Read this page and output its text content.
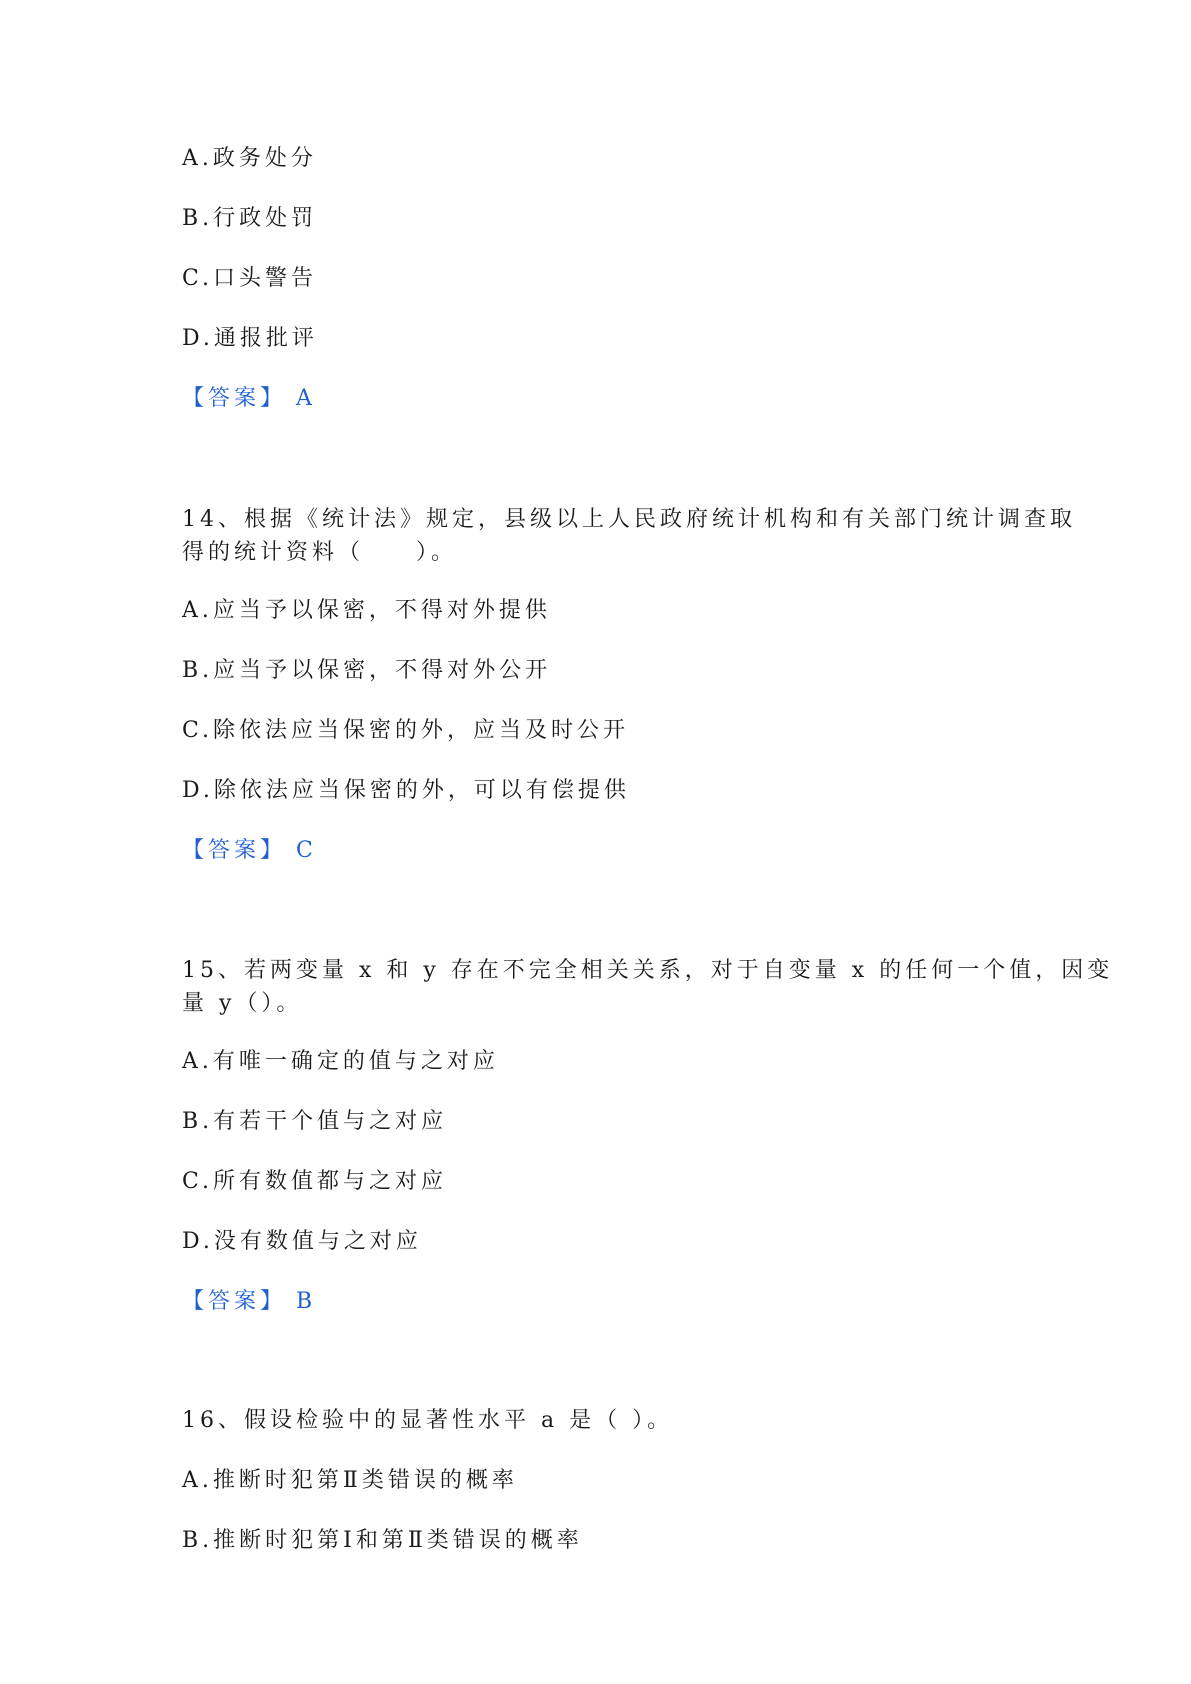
A.政务处分
B.行政处罚
C.口头警告
D.通报批评
【答案】 A
14、根据《统计法》规定，县级以上人民政府统计机构和有关部门统计调查取
得的统计资料（　　）。
A.应当予以保密，不得对外提供
B.应当予以保密，不得对外公开
C.除依法应当保密的外，应当及时公开
D.除依法应当保密的外，可以有偿提供
【答案】 C
15、若两变量 x 和 y 存在不完全相关关系，对于自变量 x 的任何一个值，因变
量 y（）。
A.有唯一确定的值与之对应
B.有若干个值与之对应
C.所有数值都与之对应
D.没有数值与之对应
【答案】 B
16、假设检验中的显著性水平 a 是（ ）。
A.推断时犯第Ⅱ类错误的概率
B.推断时犯第Ⅰ和第Ⅱ类错误的概率
